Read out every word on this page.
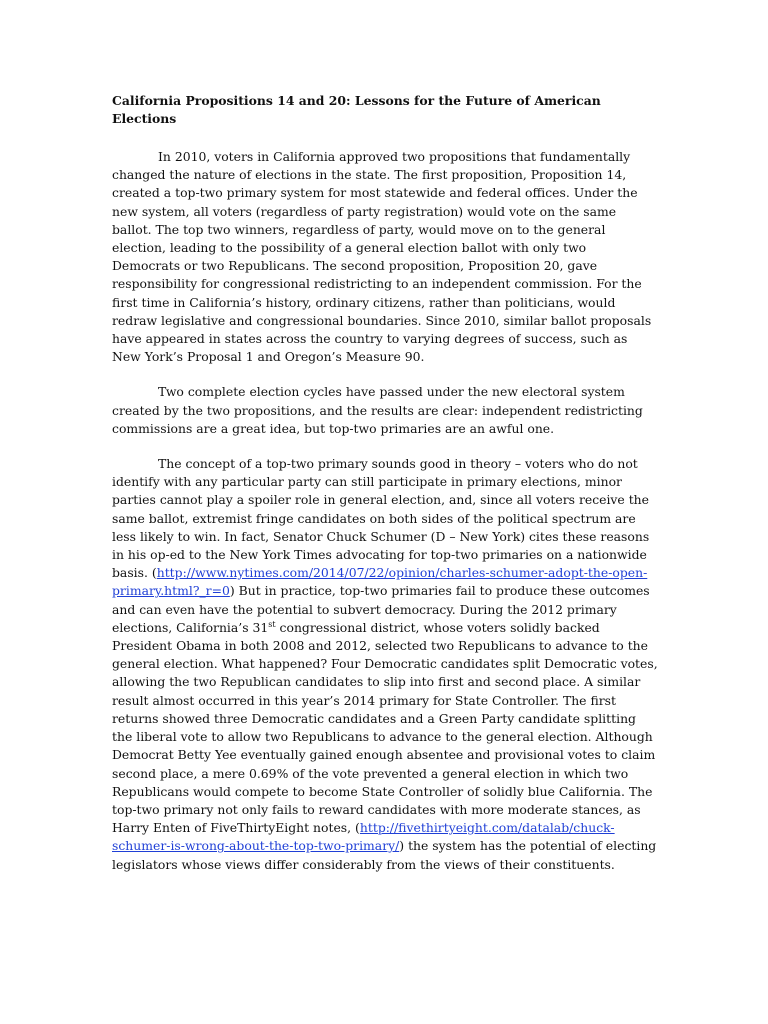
California Propositions 14 and 20: Lessons for the Future of American Elections

In 2010, voters in California approved two propositions that fundamentally changed the nature of elections in the state. The first proposition, Proposition 14, created a top-two primary system for most statewide and federal offices. Under the new system, all voters (regardless of party registration) would vote on the same ballot. The top two winners, regardless of party, would move on to the general election, leading to the possibility of a general election ballot with only two Democrats or two Republicans. The second proposition, Proposition 20, gave responsibility for congressional redistricting to an independent commission. For the first time in California’s history, ordinary citizens, rather than politicians, would redraw legislative and congressional boundaries. Since 2010, similar ballot proposals have appeared in states across the country to varying degrees of success, such as New York’s Proposal 1 and Oregon’s Measure 90.

Two complete election cycles have passed under the new electoral system created by the two propositions, and the results are clear: independent redistricting commissions are a great idea, but top-two primaries are an awful one.

The concept of a top-two primary sounds good in theory – voters who do not identify with any particular party can still participate in primary elections, minor parties cannot play a spoiler role in general election, and, since all voters receive the same ballot, extremist fringe candidates on both sides of the political spectrum are less likely to win. In fact, Senator Chuck Schumer (D – New York) cites these reasons in his op-ed to the New York Times advocating for top-two primaries on a nationwide basis. (http://www.nytimes.com/2014/07/22/opinion/charles-schumer-adopt-the-open-primary.html?_r=0) But in practice, top-two primaries fail to produce these outcomes and can even have the potential to subvert democracy. During the 2012 primary elections, California’s 31st congressional district, whose voters solidly backed President Obama in both 2008 and 2012, selected two Republicans to advance to the general election. What happened? Four Democratic candidates split Democratic votes, allowing the two Republican candidates to slip into first and second place. A similar result almost occurred in this year’s 2014 primary for State Controller. The first returns showed three Democratic candidates and a Green Party candidate splitting the liberal vote to allow two Republicans to advance to the general election. Although Democrat Betty Yee eventually gained enough absentee and provisional votes to claim second place, a mere 0.69% of the vote prevented a general election in which two Republicans would compete to become State Controller of solidly blue California. The top-two primary not only fails to reward candidates with more moderate stances, as Harry Enten of FiveThirtyEight notes, (http://fivethirtyeight.com/datalab/chuck-schumer-is-wrong-about-the-top-two-primary/) the system has the potential of electing legislators whose views differ considerably from the views of their constituents.
